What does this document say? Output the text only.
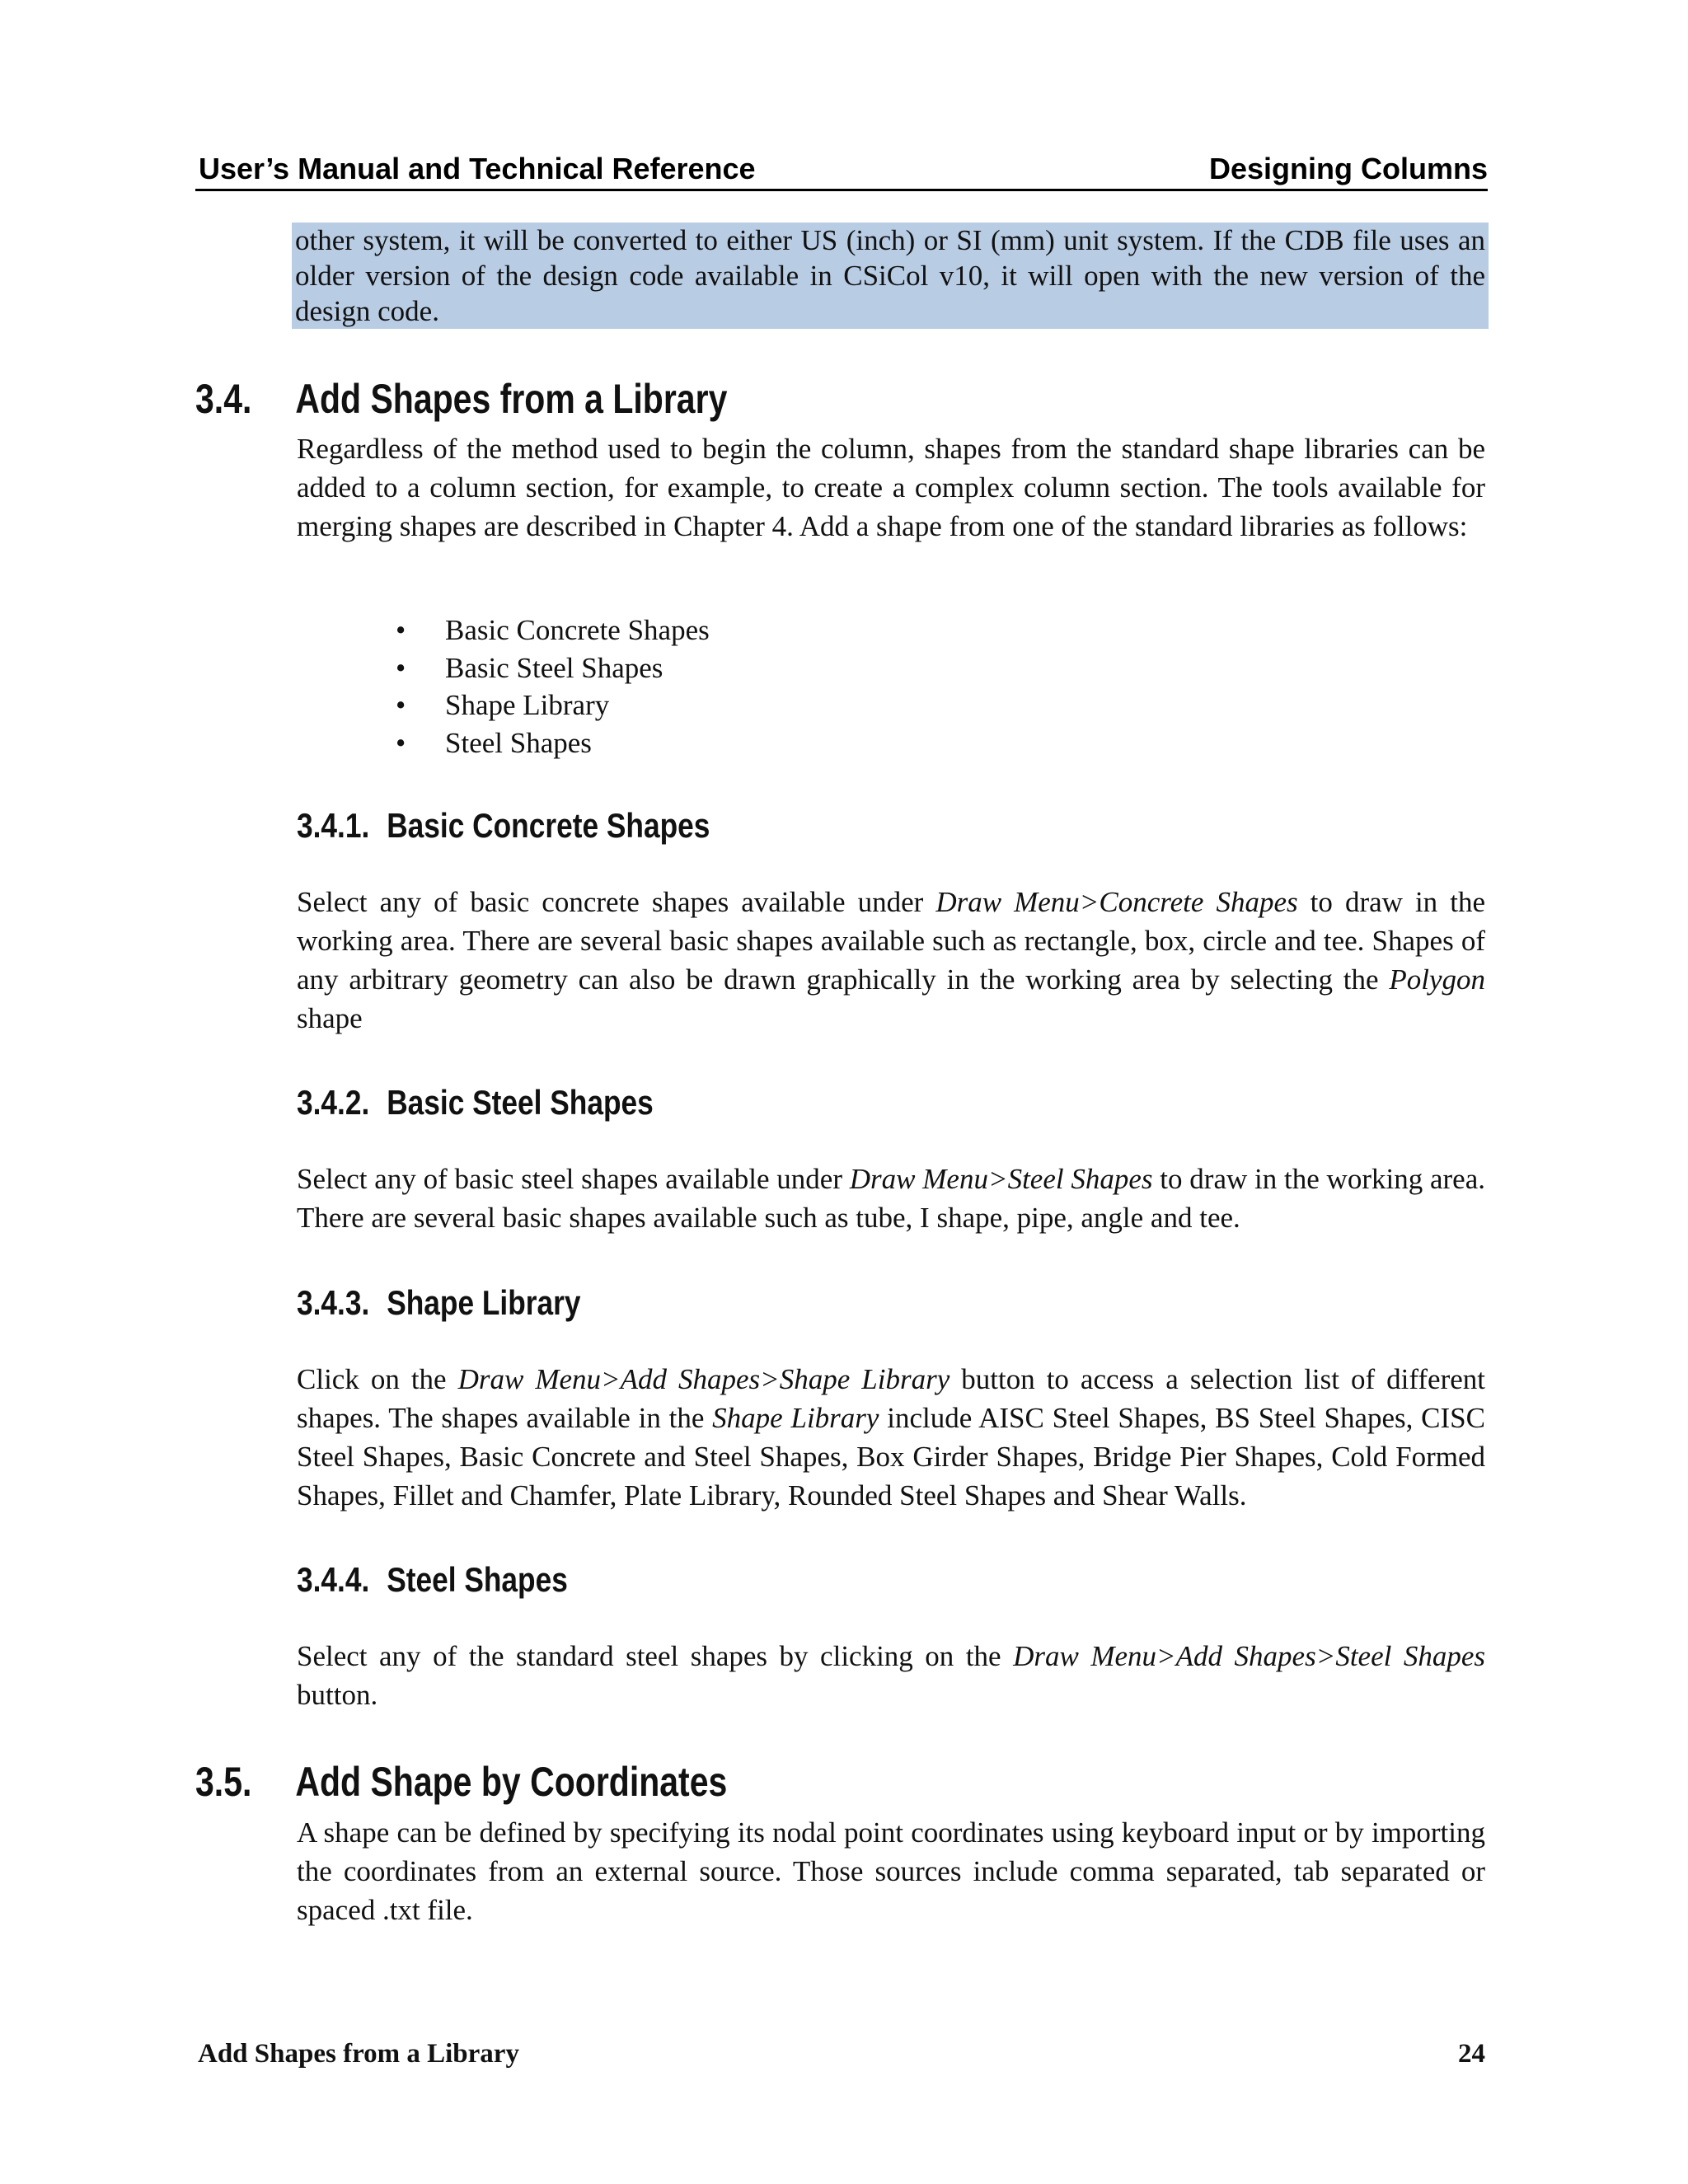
User’s Manual and Technical Reference	Designing Columns
other system, it will be converted to either US (inch) or SI (mm) unit system. If the CDB file uses an older version of the design code available in CSiCol v10, it will open with the new version of the design code.
3.4. Add Shapes from a Library
Regardless of the method used to begin the column, shapes from the standard shape libraries can be added to a column section, for example, to create a complex column section. The tools available for merging shapes are described in Chapter 4. Add a shape from one of the standard libraries as follows:
• Basic Concrete Shapes
• Basic Steel Shapes
• Shape Library
• Steel Shapes
3.4.1. Basic Concrete Shapes
Select any of basic concrete shapes available under Draw Menu>Concrete Shapes to draw in the working area. There are several basic shapes available such as rectangle, box, circle and tee. Shapes of any arbitrary geometry can also be drawn graphically in the working area by selecting the Polygon shape
3.4.2. Basic Steel Shapes
Select any of basic steel shapes available under Draw Menu>Steel Shapes to draw in the working area. There are several basic shapes available such as tube, I shape, pipe, angle and tee.
3.4.3. Shape Library
Click on the Draw Menu>Add Shapes>Shape Library button to access a selection list of different shapes. The shapes available in the Shape Library include AISC Steel Shapes, BS Steel Shapes, CISC Steel Shapes, Basic Concrete and Steel Shapes, Box Girder Shapes, Bridge Pier Shapes, Cold Formed Shapes, Fillet and Chamfer, Plate Library, Rounded Steel Shapes and Shear Walls.
3.4.4. Steel Shapes
Select any of the standard steel shapes by clicking on the Draw Menu>Add Shapes>Steel Shapes button.
3.5. Add Shape by Coordinates
A shape can be defined by specifying its nodal point coordinates using keyboard input or by importing the coordinates from an external source. Those sources include comma separated, tab separated or spaced .txt file.
Add Shapes from a Library	24
